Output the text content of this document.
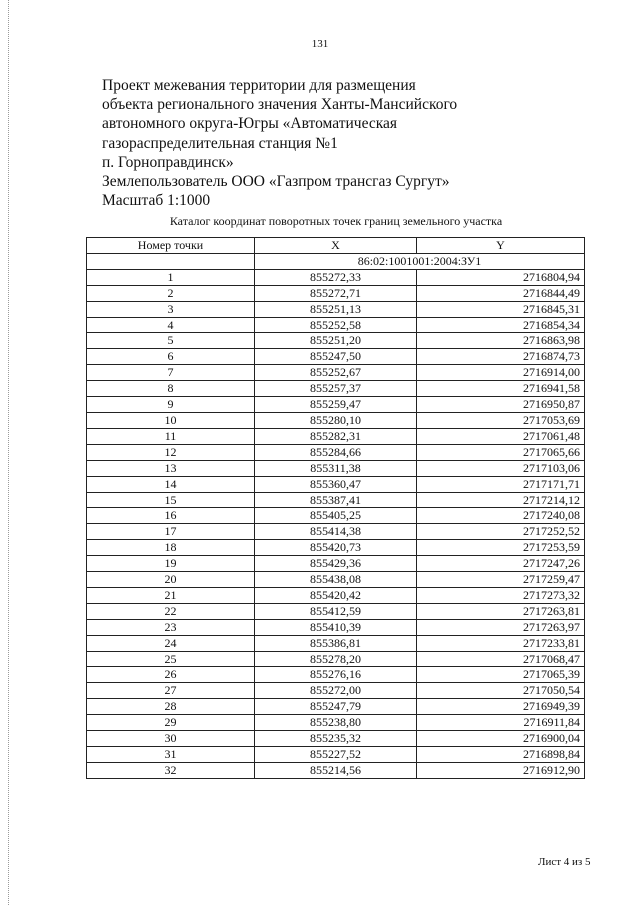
131
Проект межевания территории для размещения
объекта регионального значения Ханты-Мансийского
автономного округа-Югры «Автоматическая
газораспределительная станция №1
п. Горноправдинск»
Землепользователь ООО «Газпром трансгаз Сургут»
Масштаб 1:1000
Каталог координат поворотных точек границ земельного участка
Номер точки	X	Y
	86:02:1001001:2004:ЗУ1	
1	855272,33	2716804,94
2	855272,71	2716844,49
3	855251,13	2716845,31
4	855252,58	2716854,34
5	855251,20	2716863,98
6	855247,50	2716874,73
7	855252,67	2716914,00
8	855257,37	2716941,58
9	855259,47	2716950,87
10	855280,10	2717053,69
11	855282,31	2717061,48
12	855284,66	2717065,66
13	855311,38	2717103,06
14	855360,47	2717171,71
15	855387,41	2717214,12
16	855405,25	2717240,08
17	855414,38	2717252,52
18	855420,73	2717253,59
19	855429,36	2717247,26
20	855438,08	2717259,47
21	855420,42	2717273,32
22	855412,59	2717263,81
23	855410,39	2717263,97
24	855386,81	2717233,81
25	855278,20	2717068,47
26	855276,16	2717065,39
27	855272,00	2717050,54
28	855247,79	2716949,39
29	855238,80	2716911,84
30	855235,32	2716900,04
31	855227,52	2716898,84
32	855214,56	2716912,90
Лист 4 из 5
